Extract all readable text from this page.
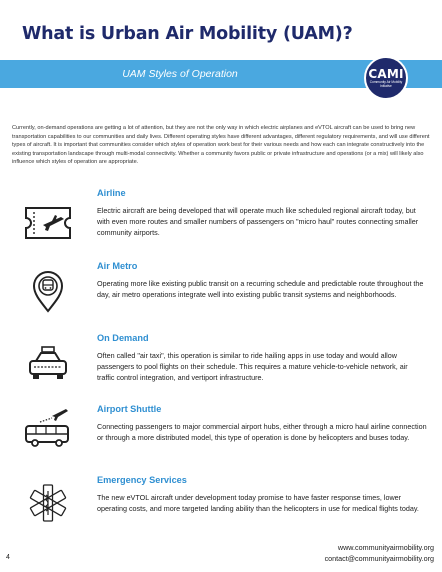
What is Urban Air Mobility (UAM)?
UAM Styles of Operation	CAMI
Community Air Mobility Initiative

Currently, on-demand operations are getting a lot of attention, but they are not the only way in which electric airplanes and eVTOL aircraft can be used to bring new transportation capabilities to our communities and daily lives. Different operating styles have different advantages, different regulatory requirements, and will use different types of aircraft. It is important that communities consider which styles of operation work best for their various needs and how each can integrate constructively into the existing transportation landscape through multi-modal connectivity. Whether a community favors public or private infrastructure and operations (or a mix) will likely also influence which styles of operation are appropriate.

Airline
Electric aircraft are being developed that will operate much like scheduled regional aircraft today, but with even more routes and smaller numbers of passengers on "micro haul" routes connecting smaller community airports.
Air Metro
Operating more like existing public transit on a recurring schedule and predictable route throughout the day, air metro operations integrate well into existing public transit systems and neighborhoods.
On Demand
Often called "air taxi", this operation is similar to ride hailing apps in use today and would allow passengers to pool flights on their schedule. This requires a mature vehicle-to-vehicle network, air traffic control integration, and vertiport infrastructure.
Airport Shuttle
Connecting passengers to major commercial airport hubs, either through a micro haul airline connection or through a more distributed model, this type of operation is done by helicopters and buses today.
Emergency Services
The new eVTOL aircraft under development today promise to have faster response times, lower operating costs, and more targeted landing ability than the helicopters in use for medical flights today.
4
www.communityairmobility.org
contact@communityairmobility.org
